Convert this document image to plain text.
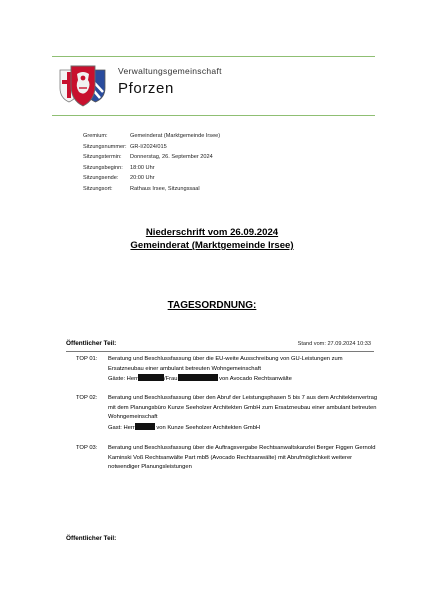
Verwaltungsgemeinschaft
Pforzen
Gremium:	Gemeinderat (Marktgemeinde Irsee)
Sitzungsnummer: GR-I/2024/015
Sitzungstermin:	Donnerstag, 26. September 2024
Sitzungsbeginn:	18:00 Uhr
Sitzungsende:	20:00 Uhr
Sitzungsort:	Rathaus Irsee, Sitzungssaal
Niederschrift vom 26.09.2024
Gemeinderat (Marktgemeinde Irsee)
TAGESORDNUNG:
Öffentlicher Teil:	Stand vom: 27.09.2024 10:33
TOP 01:	Beratung und Beschlussfassung über die EU-weite Ausschreibung von GU-Leistungen zum Ersatzneubau einer ambulant betreuten Wohngemeinschaft
Gäste: Herr	/Frau	von Avocado Rechtsanwälte
TOP 02:	Beratung und Beschlussfassung über den Abruf der Leistungsphasen 5 bis 7 aus dem Architektenvertrag mit dem Planungsbüro Kunze Seeholzer Architekten GmbH zum Ersatzneubau einer ambulant betreuten Wohngemeinschaft
Gast: Herr	von Kunze Seeholzer Architekten GmbH
TOP 03:	Beratung und Beschlussfassung über die Auftragsvergabe Rechtsanwaltskanzlei Berger Figgen Gernold Kaminski Voß Rechtsanwälte Part mbB (Avocado Rechtsanwälte) mit Abrufmöglichkeit weiterer notwendiger Planungsleistungen
Öffentlicher Teil:
